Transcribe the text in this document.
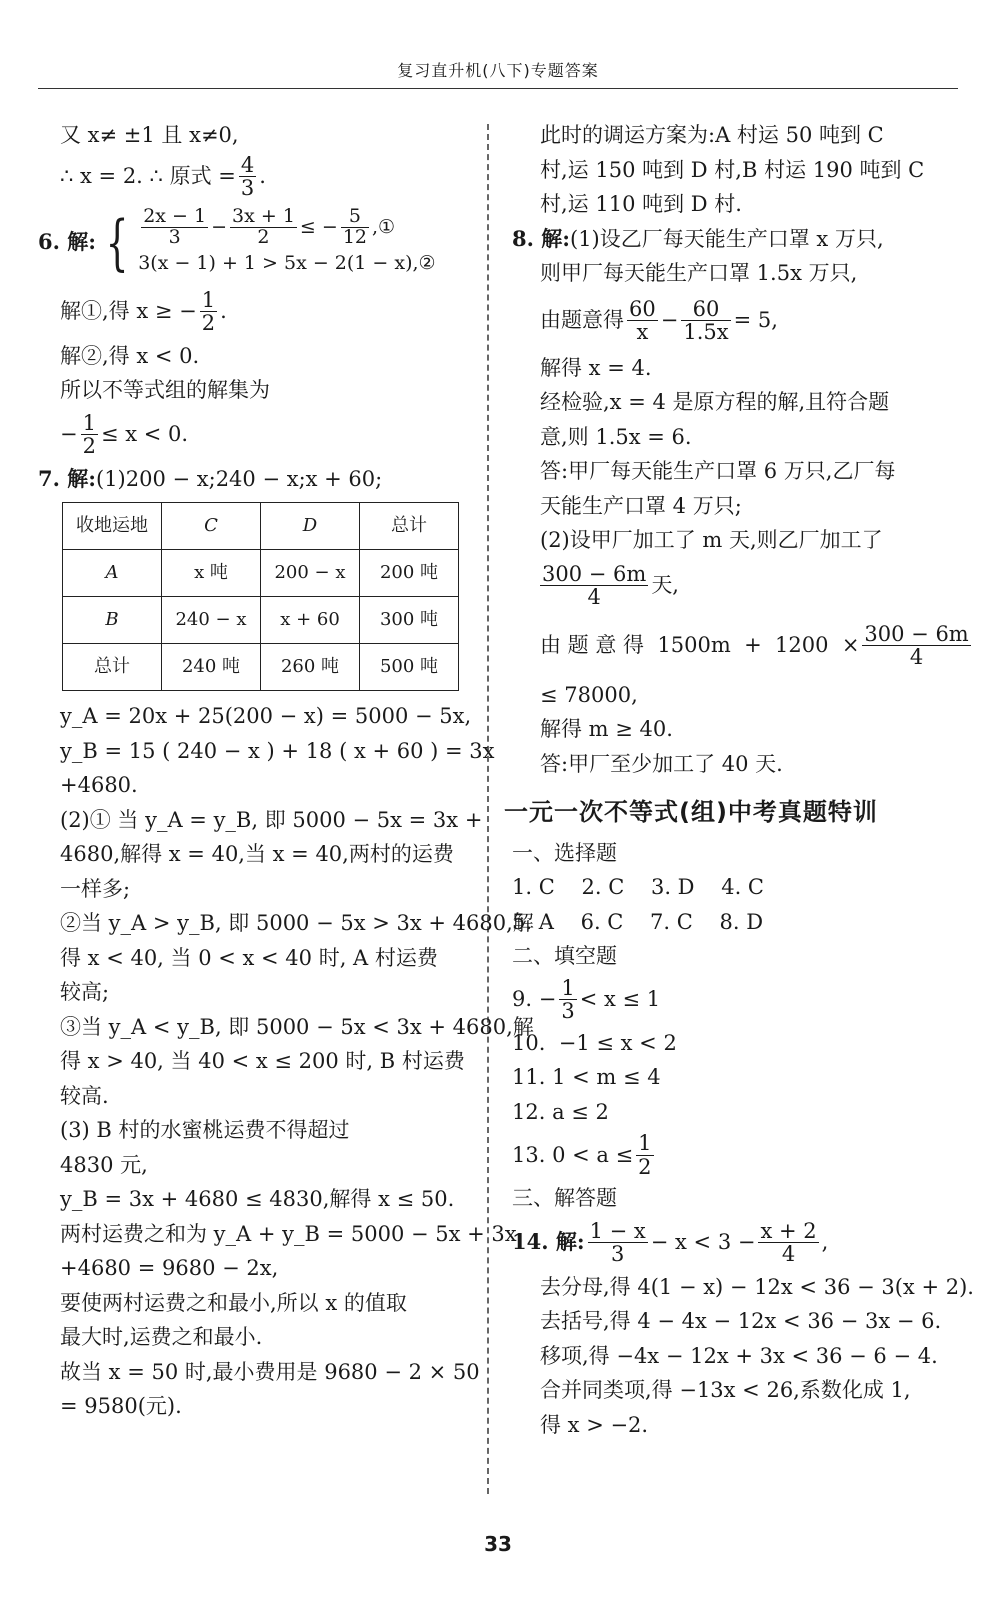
复习直升机(八下)专题答案
又 x≠ ±1 且 x≠0,
∴ x = 2. ∴ 原式 = $\frac{4}{3}$ .
6. 解: { $\frac{2x - 1}{3} - \frac{3x + 1}{2}$ ≤ − $\frac{5}{12}$ ,①
3(x − 1) + 1 > 5x − 2(1 − x),②
解①,得 x ≥ − $\frac{1}{2}$ .
解②,得 x < 0.
所以不等式组的解集为
− $\frac{1}{2} \le x < 0$.
7. 解:(1)200 − x;240 − x;x + 60;
收地运地	C	D	总计
A	x 吨	200 − x	200 吨
B	240 − x	x + 60	300 吨
总计	240 吨	260 吨	500 吨
y_A = 20x + 25(200 − x) = 5000 − 5x,
y_B = 15 ( 240 − x ) + 18 ( x + 60 ) = 3x
+4680.
(2)① 当 y_A = y_B, 即 5000 − 5x = 3x +
4680,解得 x = 40,当 x = 40,两村的运费
一样多;
②当 y_A > y_B, 即 5000 − 5x > 3x + 4680,解
得 x < 40, 当 0 < x < 40 时, A 村运费
较高;
③当 y_A < y_B, 即 5000 − 5x < 3x + 4680,解
得 x > 40, 当 40 < x ≤ 200 时, B 村运费
较高.
(3) B 村的水蜜桃运费不得超过
4830 元,
y_B = 3x + 4680 ≤ 4830,解得 x ≤ 50.
两村运费之和为 y_A + y_B = 5000 − 5x + 3x
+4680 = 9680 − 2x,
要使两村运费之和最小,所以 x 的值取
最大时,运费之和最小.
故当 x = 50 时,最小费用是 9680 − 2 × 50
= 9580(元).
此时的调运方案为:A 村运 50 吨到 C
村,运 150 吨到 D 村,B 村运 190 吨到 C
村,运 110 吨到 D 村.
8. 解:(1)设乙厂每天能生产口罩 x 万只,
则甲厂每天能生产口罩 1.5x 万只,
由题意得 $\frac{60}{x} - \frac{60}{1.5x} = 5$,
解得 x = 4.
经检验,x = 4 是原方程的解,且符合题
意,则 1.5x = 6.
答:甲厂每天能生产口罩 6 万只,乙厂每
天能生产口罩 4 万只;
(2)设甲厂加工了 m 天,则乙厂加工了
$\frac{300 - 6m}{4}$ 天,
由 题 意 得  $1500m + 1200 \times \frac{300 - 6m}{4}$
≤ 78000,
解得 m ≥ 40.
答:甲厂至少加工了 40 天.
一元一次不等式(组)中考真题特训
一、选择题
1. C    2. C    3. D    4. C
5. A    6. C    7. C    8. D
二、填空题
9. − $\frac{1}{3} < x \le 1$
10.  −1 ≤ x < 2
11. 1 < m ≤ 4
12. a ≤ 2
13. $0 < a \le \frac{1}{2}$
三、解答题
14. 解: $\frac{1 - x}{3} - x < 3 - \frac{x + 2}{4}$ ,
去分母,得 4(1 − x) − 12x < 36 − 3(x + 2).
去括号,得 4 − 4x − 12x < 36 − 3x − 6.
移项,得 −4x − 12x + 3x < 36 − 6 − 4.
合并同类项,得 −13x < 26,系数化成 1,
得 x > −2.
33
